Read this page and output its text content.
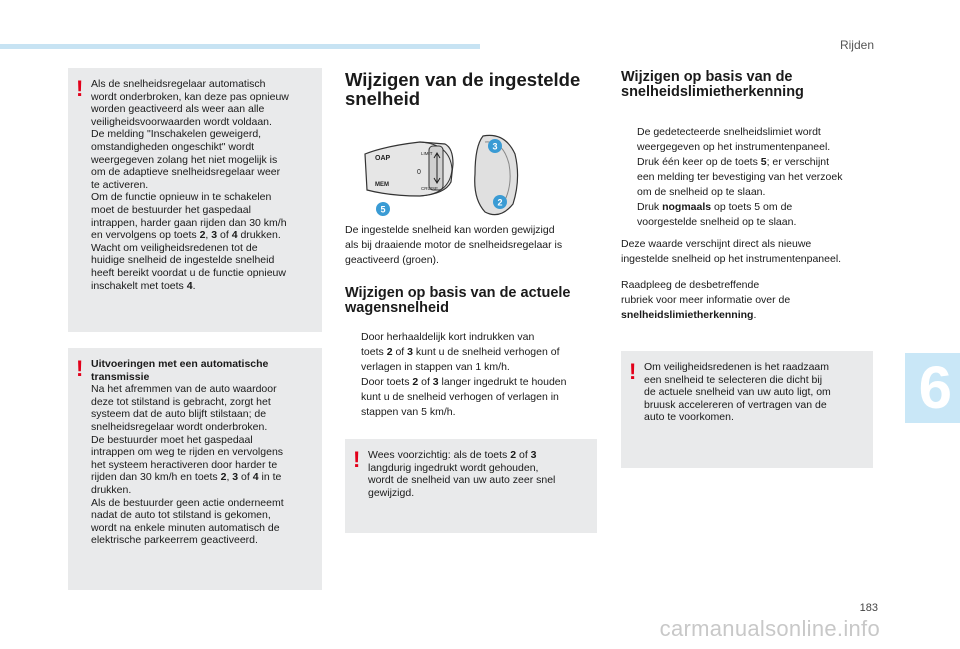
Rijden
! Als de snelheidsregelaar automatisch

wordt onderbroken, kan deze pas opnieuw

worden geactiveerd als weer aan alle

veiligheidsvoorwaarden wordt voldaan.

De melding "Inschakelen geweigerd,

omstandigheden ongeschikt" wordt

weergegeven zolang het niet mogelijk is

om de adaptieve snelheidsregelaar weer

te activeren.

Om de functie opnieuw in te schakelen

moet de bestuurder het gaspedaal

intrappen, harder gaan rijden dan 30 km/h

en vervolgens op toets 2, 3 of 4 drukken.

Wacht om veiligheidsredenen tot de

huidige snelheid de ingestelde snelheid

heeft bereikt voordat u de functie opnieuw

inschakelt met toets 4.

! Uitvoeringen met een automatische

transmissie

Na het afremmen van de auto waardoor

deze tot stilstand is gebracht, zorgt het

systeem dat de auto blijft stilstaan; de

snelheidsregelaar wordt onderbroken.

De bestuurder moet het gaspedaal

intrappen om weg te rijden en vervolgens

het systeem heractiveren door harder te

rijden dan 30 km/h en toets 2, 3 of 4 in te

drukken.

Als de bestuurder geen actie onderneemt

nadat de auto tot stilstand is gekomen,

wordt na enkele minuten automatisch de

elektrische parkeerrem geactiveerd.

Wijzigen van de ingestelde
snelheid
OAP
MEM
LIMIT
CRUISE
0
3
2
5
De ingestelde snelheid kan worden gewijzigd
als bij draaiende motor de snelheidsregelaar is
geactiveerd (groen).
Wijzigen op basis van de actuele
wagensnelheid
Door herhaaldelijk kort indrukken van
toets 2 of 3 kunt u de snelheid verhogen of
verlagen in stappen van 1 km/h.
Door toets 2 of 3 langer ingedrukt te houden
kunt u de snelheid verhogen of verlagen in
stappen van 5 km/h.
! Wees voorzichtig: als de toets 2 of 3

langdurig ingedrukt wordt gehouden,

wordt de snelheid van uw auto zeer snel

gewijzigd.

Wijzigen op basis van de
snelheidslimietherkenning
De gedetecteerde snelheidslimiet wordt
weergegeven op het instrumentenpaneel.
Druk één keer op de toets 5; er verschijnt
een melding ter bevestiging van het verzoek
om de snelheid op te slaan.
Druk nogmaals op toets 5 om de
voorgestelde snelheid op te slaan.
Deze waarde verschijnt direct als nieuwe
ingestelde snelheid op het instrumentenpaneel.
Raadpleeg de desbetreffende
rubriek voor meer informatie over de
snelheidslimietherkenning.
! Om veiligheidsredenen is het raadzaam

een snelheid te selecteren die dicht bij

de actuele snelheid van uw auto ligt, om

bruusk accelereren of vertragen van de

auto te voorkomen.	6
183
carmanualsonline.info
